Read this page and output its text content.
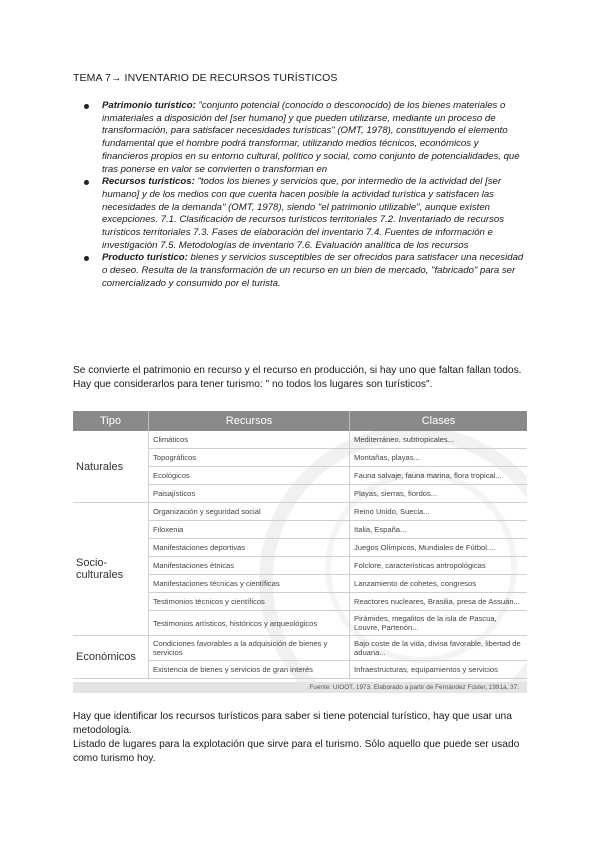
TEMA 7→ INVENTARIO DE RECURSOS TURÍSTICOS
Patrimonio turístico: "conjunto potencial (conocido o desconocido) de los bienes materiales o inmateriales a disposición del [ser humano] y que pueden utilizarse, mediante un proceso de transformación, para satisfacer necesidades turísticas" (OMT, 1978), constituyendo el elemento fundamental que el hombre podrá transformar, utilizando medios técnicos, económicos y financieros propios en su entorno cultural, político y social, como conjunto de potencialidades, que tras ponerse en valor se convierten o transforman en
Recursos turísticos: "todos los bienes y servicios que, por intermedio de la actividad del [ser humano] y de los medios con que cuenta hacen posible la actividad turística y satisfacen las necesidades de la demanda" (OMT, 1978), siendo "el patrimonio utilizable", aunque existen excepciones. 7.1. Clasificación de recursos turísticos territoriales 7.2. Inventariado de recursos turísticos territoriales 7.3. Fases de elaboración del inventario 7.4. Fuentes de información e investigación 7.5. Metodologías de inventario 7.6. Evaluación analítica de los recursos
Producto turístico: bienes y servicios susceptibles de ser ofrecidos para satisfacer una necesidad o deseo. Resulta de la transformación de un recurso en un bien de mercado, "fabricado" para ser comercializado y consumido por el turista.
Se convierte el patrimonio en recurso y el recurso en producción, si hay uno que faltan fallan todos. Hay que considerarlos para tener turismo: " no todos los lugares son turísticos".
Tipo	Recursos	Clases
Naturales	Climáticos	Mediterráneo, subtropicales...
	Topográficos	Montañas, playas...
	Ecológicos	Fauna salvaje, fauna marina, flora tropical...
	Paisajísticos	Playas, sierras, fiordos...
Socio-culturales	Organización y seguridad social	Reino Unido, Suecia...
	Filoxenia	Italia, España...
	Manifestaciones deportivas	Juegos Olímpicos, Mundiales de Fútbol....
	Manifestaciones étnicas	Folclore, características antropológicas
	Manifestaciones técnicas y científicas	Lanzamiento de cohetes, congresos
	Testimonios técnicos y científicos	Reactores nucleares, Brasilia, presa de Assuán...
	Testimonios artísticos, históricos y arqueológicos	Pirámides, megalitos de la isla de Pascua, Louvre, Partenón...
Económicos	Condiciones favorables a la adquisición de bienes y servicios	Bajo coste de la vida, divisa favorable, libertad de aduana...
	Existencia de bienes y servicios de gran interés	Infraestructuras, equipamientos y servicios
Fuente: UIOOT, 1973. Elaborado a partir de Fernández Fúster, 1991a, 37.
Hay que identificar los recursos turísticos para saber si tiene potencial turístico, hay que usar una metodología.
Listado de lugares para la explotación que sirve para el turismo. Sólo aquello que puede ser usado como turismo hoy.
